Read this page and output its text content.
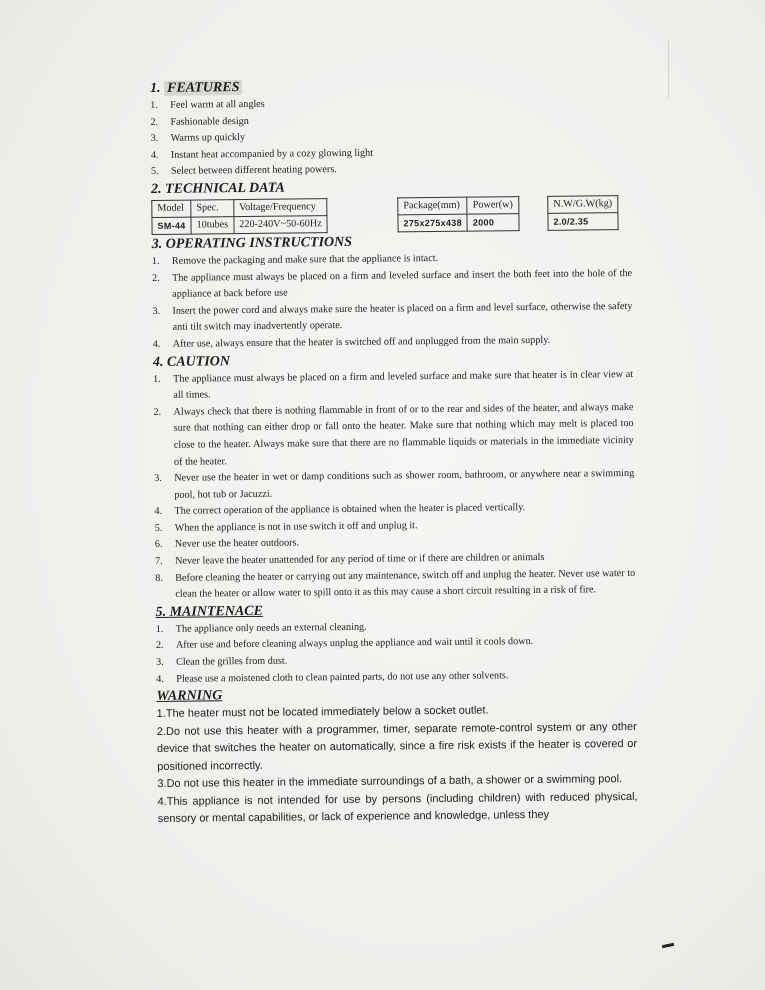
1. FEATURES

1. Feel warm at all angles
2. Fashionable design
3. Warms up quickly
4. Instant heat accompanied by a cozy glowing light
5. Select between different heating powers.

2. TECHNICAL DATA

Model	Spec.	Voltage/Frequency
SM-44	10tubes	220-240V~50-60Hz
Package(mm)	Power(w)
275x275x438	2000
N.W/G.W(kg)
2.0/2.35

3. OPERATING INSTRUCTIONS

1. Remove the packaging and make sure that the appliance is intact.
2. The appliance must always be placed on a firm and leveled surface and insert the both feet into the hole of the appliance at back before use
3. Insert the power cord and always make sure the heater is placed on a firm and level surface, otherwise the safety anti tilt switch may inadvertently operate.
4. After use, always ensure that the heater is switched off and unplugged from the main supply.

4. CAUTION

1. The appliance must always be placed on a firm and leveled surface and make sure that heater is in clear view at all times.
2. Always check that there is nothing flammable in front of or to the rear and sides of the heater, and always make sure that nothing can either drop or fall onto the heater. Make sure that nothing which may melt is placed too close to the heater. Always make sure that there are no flammable liquids or materials in the immediate vicinity of the heater.
3. Never use the heater in wet or damp conditions such as shower room, bathroom, or anywhere near a swimming pool, hot tub or Jacuzzi.
4. The correct operation of the appliance is obtained when the heater is placed vertically.
5. When the appliance is not in use switch it off and unplug it.
6. Never use the heater outdoors.
7. Never leave the heater unattended for any period of time or if there are children or animals
8. Before cleaning the heater or carrying out any maintenance, switch off and unplug the heater. Never use water to clean the heater or allow water to spill onto it as this may cause a short circuit resulting in a risk of fire.

5. MAINTENACE

1. The appliance only needs an external cleaning.
2. After use and before cleaning always unplug the appliance and wait until it cools down.
3. Clean the grilles from dust.
4. Please use a moistened cloth to clean painted parts, do not use any other solvents.

WARNING

1.The heater must not be located immediately below a socket outlet.

2.Do not use this heater with a programmer, timer, separate remote-control system or any other device that switches the heater on automatically, since a fire risk exists if the heater is covered or positioned incorrectly.

3.Do not use this heater in the immediate surroundings of a bath, a shower or a swimming pool.

4.This appliance is not intended for use by persons (including children) with reduced physical, sensory or mental capabilities, or lack of experience and knowledge, unless they
